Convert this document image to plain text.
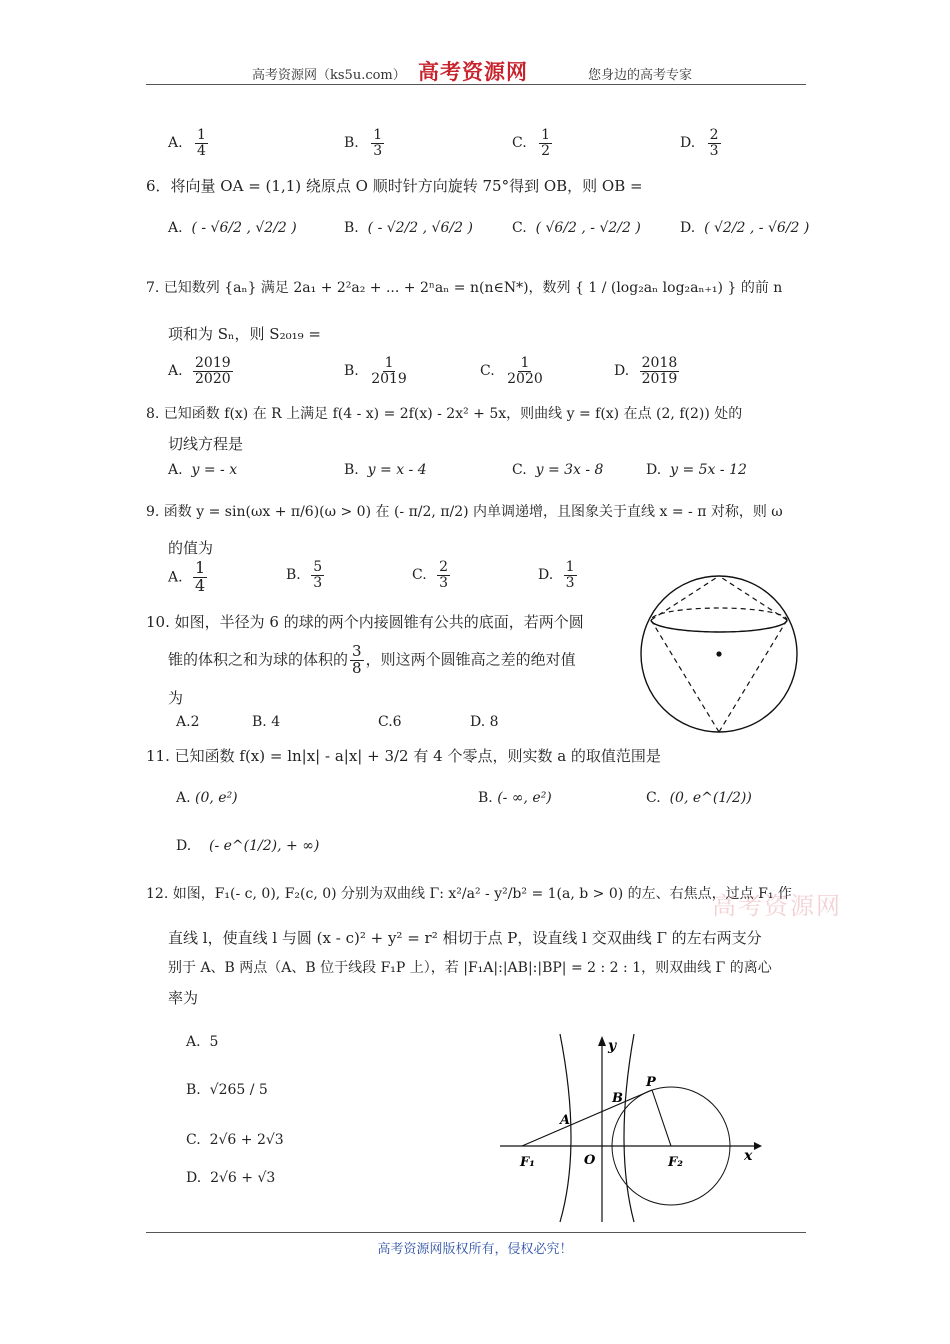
高考资源网（ks5u.com） 高考资源网	您身边的高考专家
A. $\frac{1}{4}$	B. $\frac{1}{3}$	C. $\frac{1}{2}$	D. $\frac{2}{3}$
6．将向量 OA = (1,1) 绕原点 O 顺时针方向旋转 75°得到 OB，则 OB =
A. ( - √6/2 , √2/2 )	B. ( - √2/2 , √6/2 )	C. ( √6/2 , - √2/2 )	D. ( √2/2 , - √6/2 )
7. 已知数列 {aₙ} 满足 2a₁ + 2²a₂ + ... + 2ⁿaₙ = n(n∈N*)，数列 { 1 / (log₂aₙ log₂aₙ₊₁) } 的前 n
项和为 Sₙ，则 S₂₀₁₉ =
A. $\frac{2019}{2020}$	B. $\frac{1}{2019}$	C. $\frac{1}{2020}$	D. $\frac{2018}{2019}$
8. 已知函数 f(x) 在 R 上满足 f(4 - x) = 2f(x) - 2x² + 5x，则曲线 y = f(x) 在点 (2, f(2)) 处的
切线方程是
A. y = - x	B. y = x - 4	C. y = 3x - 8	D. y = 5x - 12
9. 函数 y = sin(ωx + π/6)(ω > 0) 在 (- π/2, π/2) 内单调递增，且图象关于直线 x = - π 对称，则 ω
的值为
A. $\frac{1}{4}$	B. $\frac{5}{3}$	C. $\frac{2}{3}$	D. $\frac{1}{3}$
10. 如图，半径为 6 的球的两个内接圆锥有公共的底面，若两个圆
锥的体积之和为球的体积的 $\frac{3}{8}$ ，则这两个圆锥高之差的绝对值
为
A.2	B. 4	C.6	D. 8
11. 已知函数 f(x) = ln|x| - a|x| + 3/2 有 4 个零点，则实数 a 的取值范围是
A. (0, e²)	B. (- ∞, e²)	C. (0, e^(1/2))
D. (- e^(1/2), + ∞)
高考资源网
12. 如图，F₁(- c, 0), F₂(c, 0) 分别为双曲线 Γ: x²/a² - y²/b² = 1(a, b > 0) 的左、右焦点，过点 F₁ 作
直线 l，使直线 l 与圆 (x - c)² + y² = r² 相切于点 P，设直线 l 交双曲线 Γ 的左右两支分
别于 A、B 两点（A、B 位于线段 F₁P 上），若 |F₁A|:|AB|:|BP| = 2 : 2 : 1，则双曲线 Γ 的离心
率为
A. 5
B. √265 / 5
C. 2√6 + 2√3
D. 2√6 + √3
y
x
P
B
A
O
F₁	F₂
高考资源网版权所有，侵权必究！
